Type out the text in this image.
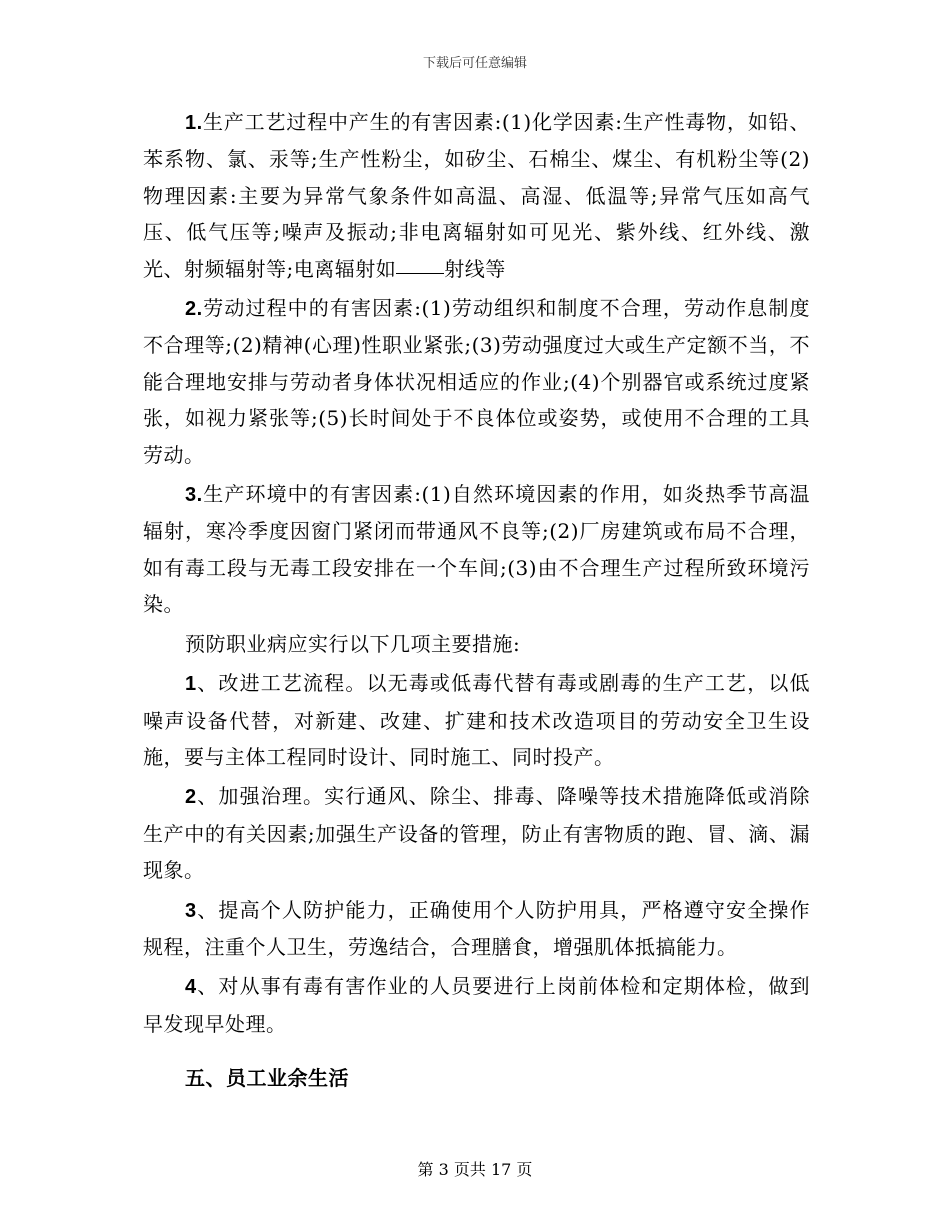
下载后可任意编辑

1.生产工艺过程中产生的有害因素:(1)化学因素:生产性毒物，如铅、苯系物、氯、汞等;生产性粉尘，如矽尘、石棉尘、煤尘、有机粉尘等(2)物理因素:主要为异常气象条件如高温、高湿、低温等;异常气压如高气压、低气压等;噪声及振动;非电离辐射如可见光、紫外线、红外线、激光、射频辐射等;电离辐射如 射线等

2.劳动过程中的有害因素:(1)劳动组织和制度不合理，劳动作息制度不合理等;(2)精神(心理)性职业紧张;(3)劳动强度过大或生产定额不当，不能合理地安排与劳动者身体状况相适应的作业;(4)个别器官或系统过度紧张，如视力紧张等;(5)长时间处于不良体位或姿势，或使用不合理的工具劳动。

3.生产环境中的有害因素:(1)自然环境因素的作用，如炎热季节高温辐射，寒冷季度因窗门紧闭而带通风不良等;(2)厂房建筑或布局不合理，如有毒工段与无毒工段安排在一个车间;(3)由不合理生产过程所致环境污染。

预防职业病应实行以下几项主要措施:

1、改进工艺流程。以无毒或低毒代替有毒或剧毒的生产工艺，以低噪声设备代替，对新建、改建、扩建和技术改造项目的劳动安全卫生设施，要与主体工程同时设计、同时施工、同时投产。

2、加强治理。实行通风、除尘、排毒、降噪等技术措施降低或消除生产中的有关因素;加强生产设备的管理，防止有害物质的跑、冒、滴、漏现象。

3、提高个人防护能力，正确使用个人防护用具，严格遵守安全操作规程，注重个人卫生，劳逸结合，合理膳食，增强肌体抵搞能力。

4、对从事有毒有害作业的人员要进行上岗前体检和定期体检，做到早发现早处理。

五、员工业余生活

第 3 页共 17 页
